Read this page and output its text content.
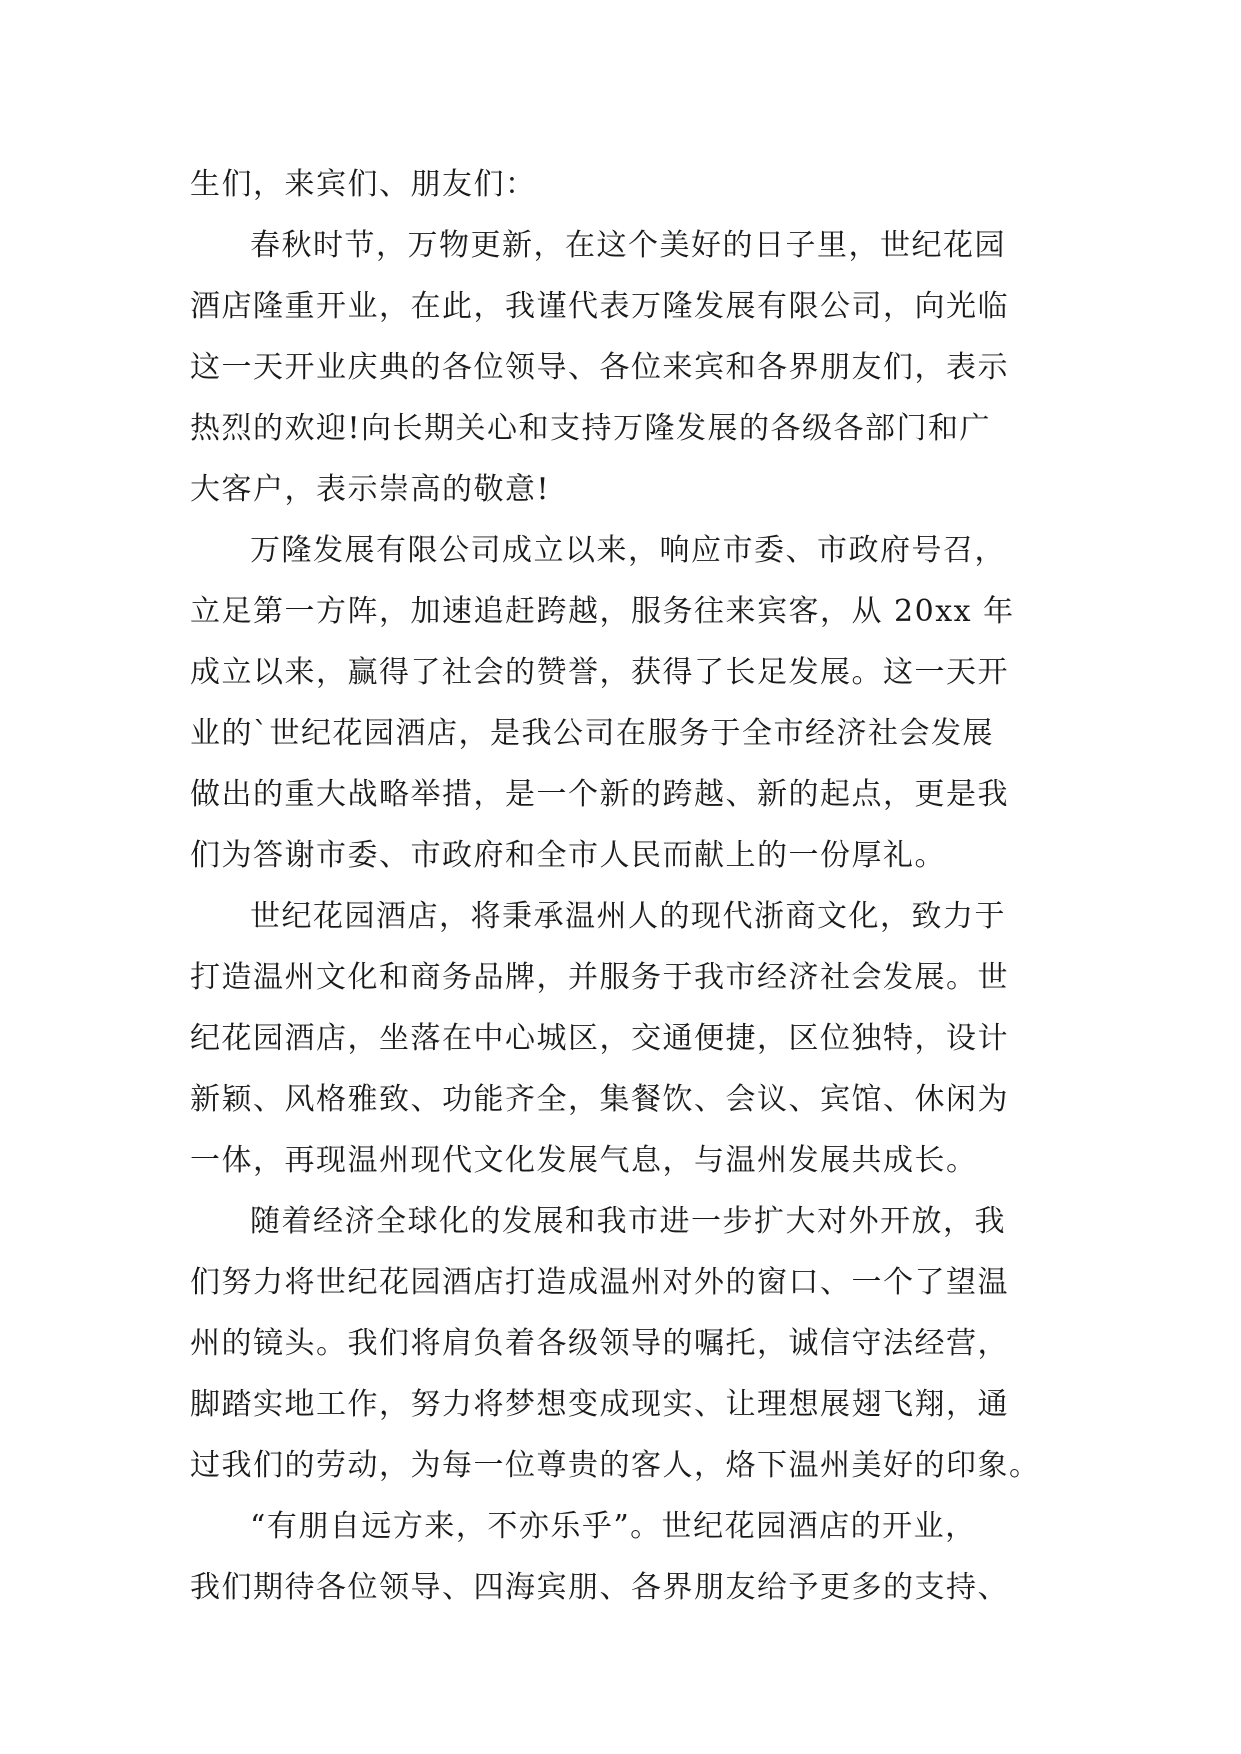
生们，来宾们、朋友们：
春秋时节，万物更新，在这个美好的日子里，世纪花园
酒店隆重开业，在此，我谨代表万隆发展有限公司，向光临
这一天开业庆典的各位领导、各位来宾和各界朋友们，表示
热烈的欢迎!向长期关心和支持万隆发展的各级各部门和广
大客户，表示崇高的敬意!
万隆发展有限公司成立以来，响应市委、市政府号召，
立足第一方阵，加速追赶跨越，服务往来宾客，从 20xx 年
成立以来，赢得了社会的赞誉，获得了长足发展。这一天开
业的`世纪花园酒店，是我公司在服务于全市经济社会发展
做出的重大战略举措，是一个新的跨越、新的起点，更是我
们为答谢市委、市政府和全市人民而献上的一份厚礼。
世纪花园酒店，将秉承温州人的现代浙商文化，致力于
打造温州文化和商务品牌，并服务于我市经济社会发展。世
纪花园酒店，坐落在中心城区，交通便捷，区位独特，设计
新颖、风格雅致、功能齐全，集餐饮、会议、宾馆、休闲为
一体，再现温州现代文化发展气息，与温州发展共成长。
随着经济全球化的发展和我市进一步扩大对外开放，我
们努力将世纪花园酒店打造成温州对外的窗口、一个了望温
州的镜头。我们将肩负着各级领导的嘱托，诚信守法经营，
脚踏实地工作，努力将梦想变成现实、让理想展翅飞翔，通
过我们的劳动，为每一位尊贵的客人，烙下温州美好的印象。
“有朋自远方来，不亦乐乎”。世纪花园酒店的开业，
我们期待各位领导、四海宾朋、各界朋友给予更多的支持、
